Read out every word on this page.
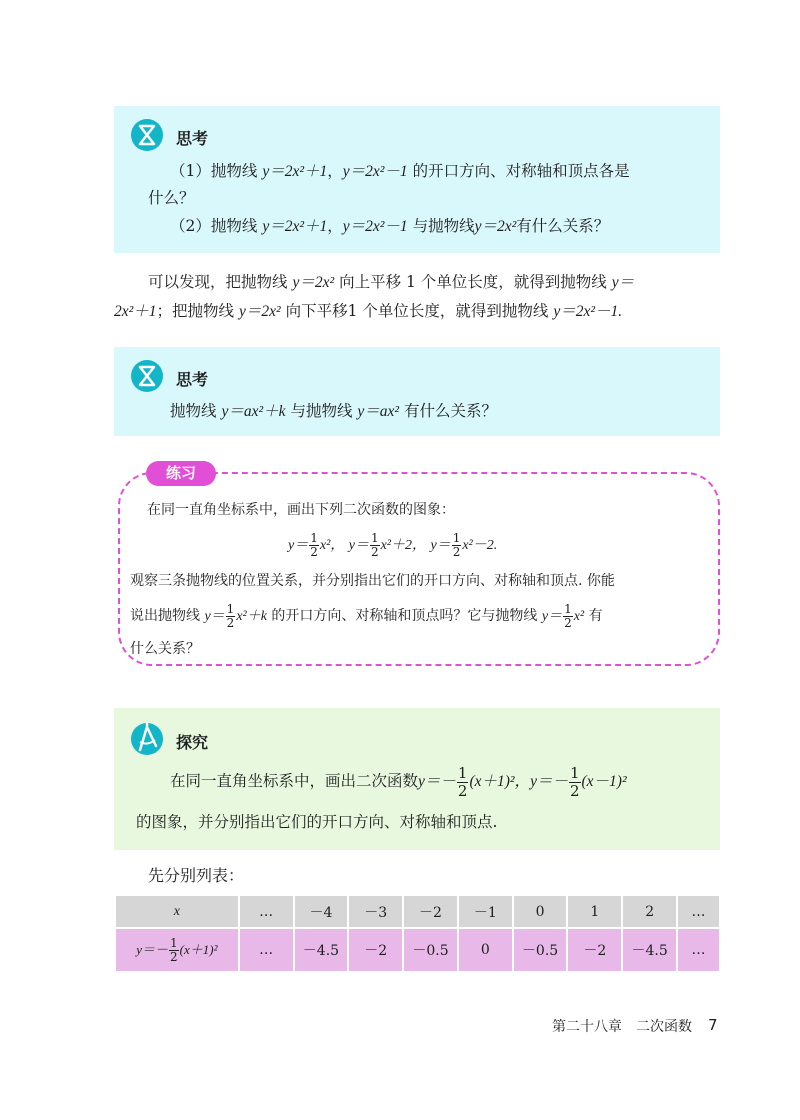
思考
（1）抛物线 y＝2x²＋1，y＝2x²－1 的开口方向、对称轴和顶点各是
什么？
（2）抛物线 y＝2x²＋1，y＝2x²－1 与抛物线y＝2x²有什么关系？
可以发现，把抛物线 y＝2x² 向上平移 1 个单位长度，就得到抛物线 y＝
2x²＋1；把抛物线 y＝2x² 向下平移1 个单位长度，就得到抛物线 y＝2x²－1.
思考
抛物线 y＝ax²＋k 与抛物线 y＝ax² 有什么关系？
练习
在同一直角坐标系中，画出下列二次函数的图象：
$y= \frac{1}{2} x^2$， $y= \frac{1}{2} x^2+2$， $y= \frac{1}{2} x^2-2$.
观察三条抛物线的位置关系，并分别指出它们的开口方向、对称轴和顶点. 你能
说出抛物线 $y= \frac{1}{2} x^2+k$ 的开口方向、对称轴和顶点吗？它与抛物线 $y= \frac{1}{2} x^2$ 有
什么关系？
探究
在同一直角坐标系中，画出二次函数$y=- \frac{1}{2} (x+1)^2$，$y=- \frac{1}{2} (x-1)^2$
的图象，并分别指出它们的开口方向、对称轴和顶点.
先分别列表：
x	…	－4	－3	－2	－1	0	1	2	…
$y=- \frac{1}{2} (x+1)^2$	…	－4.5	－2	－0.5	0	－0.5	－2	－4.5	…
第二十八章　二次函数 7
